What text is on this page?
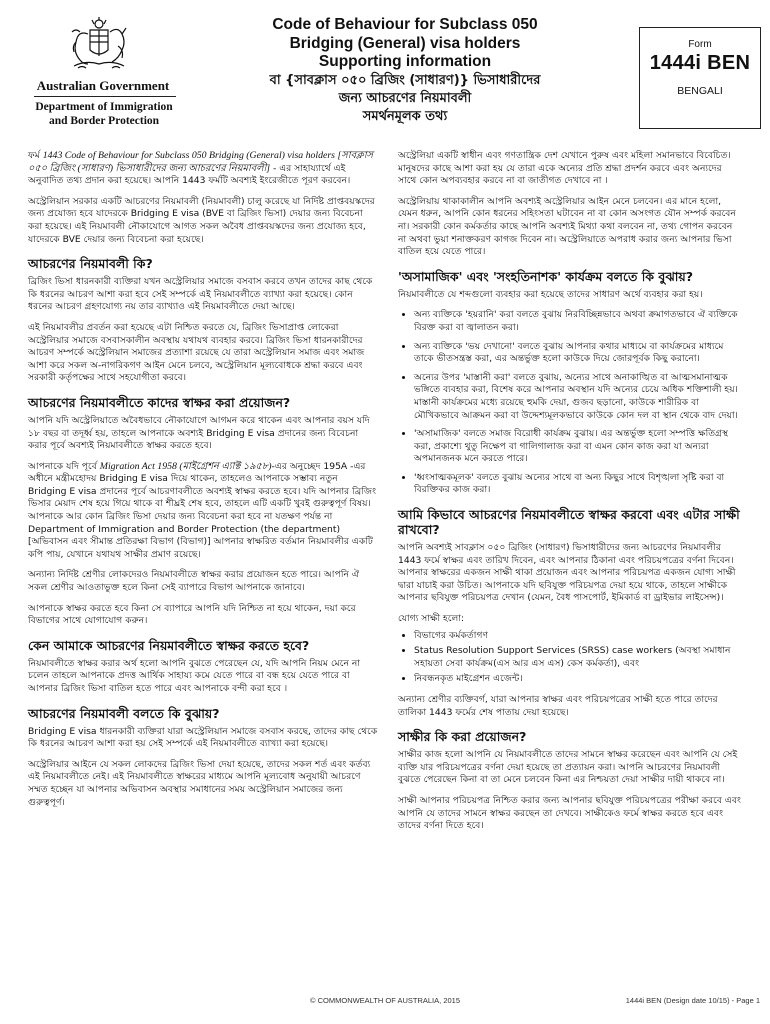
Australian Government
Department of Immigration
and Border Protection
Code of Behaviour for Subclass 050
Bridging (General) visa holders
Supporting information
বা {সাবক্লাস ০৫০ ব্রিজিং (সাধারণ)} ভিসাধারীদের
জন্য আচরণের নিয়মাবলী
সমর্থনমূলক তথ্য
Form
1444i BEN
BENGALI

ফর্ম 1443 Code of Behaviour for Subclass 050 Bridging (General) visa holders [সাবক্লাস ০৫০ ব্রিজিং (সাধারণ) ভিসাধারীদের জন্য আচরণের নিয়মাবলী] - এর সাহায্যার্থে এই অনুবাদিত তথ্য প্রদান করা হয়েছে। আপনি 1443 ফর্মটি অবশ্যই ইংরেজীতে পূরণ করবেন।

অস্ট্রেলিয়ান সরকার একটি আচরণের নিয়মাবলী (নিয়মাবলী) চালু করেছে যা নির্দিষ্ট প্রাপ্তবয়স্কদের জন্য প্রযোজ্য হবে যাদেরকে Bridging E visa (BVE বা ব্রিজিং ভিসা) দেয়ার জন্য বিবেচনা করা হয়েছে। এই নিয়মাবলী নৌকাযোগে আগত সকল অবৈধ প্রাপ্তবয়স্কদের জন্য প্রযোজ্য হবে, যাদেরকে BVE দেয়ার জন্য বিবেচনা করা হয়েছে।

আচরণের নিয়মাবলী কি?

ব্রিজিং ভিসা ধারনকারী ব্যক্তিরা যখন অস্ট্রেলিয়ার সমাজে বসবাস করবে তখন তাদের কাছ থেকে কি ধরনের আচরণ আশা করা হবে সেই সম্পর্কে এই নিয়মাবলীতে ব্যাখ্যা করা হয়েছে। কোন ধরনের আচরণ গ্রহণযোগ্য নয় তার ব্যাখ্যাও এই নিয়মাবলীতে দেয়া আছে।

এই নিয়মাবলীর প্রবর্তন করা হয়েছে এটা নিশ্চিত করতে যে, ব্রিজিং ভিসাপ্রাপ্ত লোকেরা অস্ট্রেলিয়ার সমাজে বসবাসকালীন অবস্থায় যথাযথ ব্যবহার করবে। ব্রিজিং ভিসা ধারনকারীদের আচরণ সম্পর্কে অস্ট্রেলিয়ান সমাজের প্রত্যাশা রয়েছে যে তারা অস্ট্রেলিয়ান সমাজ এবং সমাজ আশা করে সকল অ-নাগরিকগণ আইন মেনে চলবে, অস্ট্রেলিয়ান মূল্যবোধকে শ্রদ্ধা করবে এবং সরকারী কর্তৃপক্ষের সাথে সহযোগীতা করবে।

আচরণের নিয়মাবলীতে কাদের স্বাক্ষর করা প্রয়োজন?

আপনি যদি অস্ট্রেলিয়াতে অবৈধভাবে নৌকাযোগে আগমন করে থাকেন এবং আপনার বয়স যদি ১৮ বছর বা তদূর্ধ্ব হয়, তাহলে আপনাকে অবশ্যই Bridging E visa প্রদানের জন্য বিবেচনা করার পূর্বে অবশ্যই নিয়মাবলীতে স্বাক্ষর করতে হবে।

আপনাকে যদি পূর্বে Migration Act 1958 (মাইগ্রেশন এ্যাক্ট ১৯৫৮)-এর অনুচ্ছেদ 195A -এর অধীনে মন্ত্রীমহোদয় Bridging E visa দিয়ে থাকেন, তাহলেও আপনাকে সম্ভাব্য নতুন Bridging E visa প্রদানের পূর্বে আচরণাবলীতে অবশ্যই স্বাক্ষর করতে হবে। যদি আপনার ব্রিজিং ভিসার মেয়াদ শেষ হয়ে গিয়ে থাকে বা শীঘ্রই শেষ হবে, তাহলে এটি একটি খুবই গুরুত্বপূর্ণ বিষয়। আপনাকে আর কোন ব্রিজিং ভিসা দেয়ার জন্য বিবেচনা করা হবে না যতক্ষণ পর্যন্ত না Department of Immigration and Border Protection (the department) [অভিবাসন এবং সীমান্ত প্রতিরক্ষা বিভাগ (বিভাগ)] আপনার স্বাক্ষরিত বর্তমান নিয়মাবলীর একটি কপি পায়, যেখানে যথাযথ সাক্ষীর প্রমাণ রয়েছে।

অন্যান্য নির্দিষ্ট শ্রেণীর লোকদেরও নিয়মাবলীতে স্বাক্ষর করার প্রয়োজন হতে পারে। আপনি ঐ সকল শ্রেণীর আওতাভুক্ত হলে কিনা সেই ব্যাপারে বিভাগ আপনাকে জানাবে।

আপনাকে স্বাক্ষর করতে হবে কিনা সে ব্যাপারে আপনি যদি নিশ্চিত না হয়ে থাকেন, দয়া করে বিভাগের সাথে যোগাযোগ করুন।

কেন আমাকে আচরণের নিয়মাবলীতে স্বাক্ষর করতে হবে?

নিয়মাবলীতে স্বাক্ষর করার অর্থ হলো আপনি বুঝতে পেরেছেন যে, যদি আপনি নিয়ম মেনে না চলেন তাহলে আপনাকে প্রদত্ত আর্থিক সাহায্য কমে যেতে পারে বা বন্ধ হয়ে যেতে পারে বা আপনার ব্রিজিং ভিসা বাতিল হতে পারে এবং আপনাকে বন্দী করা হবে ।

আচরণের নিয়মাবলী বলতে কি বুঝায়?

Bridging E visa ধারনকারী ব্যক্তিরা যারা অস্ট্রেলিয়ান সমাজে বসবাস করছে, তাদের কাছ থেকে কি ধরনের আচরণ আশা করা হয় সেই সম্পর্কে এই নিয়মাবলীতে ব্যাখ্যা করা হয়েছে।

অস্ট্রেলিয়ার আইনে যে সকল লোকদের ব্রিজিং ভিসা দেয়া হয়েছে, তাদের সকল শর্ত এবং কর্তব্য এই নিয়মাবলীতে নেই। এই নিয়মাবলীতে স্বাক্ষরের মাধ্যমে আপনি মূল্যবোধ অনুযায়ী আচরণে সম্মত হচ্ছেন যা আপনার অভিবাসন অবস্থার সমাধানের সময় অস্ট্রেলিয়ান সমাজের জন্য গুরুত্বপূর্ণ।

অস্ট্রেলিয়া একটি স্বাধীন এবং গণতান্ত্রিক দেশ যেখানে পুরুষ এবং মহিলা সমানভাবে বিবেচিত। মানুষদের কাছে আশা করা হয় যে তারা একে অন্যের প্রতি শ্রদ্ধা প্রদর্শন করবে এবং অন্যদের সাথে কোন অপব্যবহার করবে না বা জাতীগত দেখাবে না ।

অস্ট্রেলিয়ায় থাকাকালীন আপনি অবশ্যই অস্ট্রেলিয়ার আইন মেনে চলবেন। এর মানে হলো, যেমন ধরুন, আপনি কোন ধরনের সহিংসতা ঘটাবেন না বা কোন অসংগত যৌন সম্পর্ক করবেন না। সরকারী কোন কর্মকর্তার কাছে আপনি অবশ্যই মিথ্যা কথা বলবেন না, তথ্য গোপন করবেন না অথবা ভুয়া শনাক্তকরণ কাগজ দিবেন না। অস্ট্রেলিয়াতে অপরাধ করার জন্য আপনার ভিসা বাতিল হয়ে যেতে পারে।

'অসামাজিক' এবং 'সংহতিনাশক' কার্যক্রম বলতে কি বুঝায়?

নিয়মাবলীতে যে শব্দগুলো ব্যবহার করা হয়েছে তাদের সাধারণ অর্থে ব্যবহার করা হয়।

• অন্য ব্যক্তিকে 'হয়রানি' করা বলতে বুঝায় নিরবিচ্ছিন্নভাবে অথবা ক্রমাগতভাবে ঐ ব্যক্তিকে বিরক্ত করা বা জ্বালাতন করা।
• অন্য ব্যক্তিকে 'ভয় দেখানো' বলতে বুঝায় আপনার কথার মাধ্যমে বা কার্যক্রমের মাধ্যমে তাকে ভীতসন্ত্রস্ত করা, এর অন্তর্ভুক্ত হলো কাউকে দিয়ে জোরপূর্বক কিছু করানো।
• অন্যের উপর 'মাস্তানী করা' বলতে বুঝায়, অন্যের সাথে অনাকাঙ্খিত বা আত্মসমানাত্মক ভঙ্গিতে ব্যবহার করা, বিশেষ করে আপনার অবস্থান যদি অন্যের চেয়ে অধিক শক্তিশালী হয়। মাস্তানী কার্যক্রমের মধ্যে রয়েছে হুমকি দেয়া, গুজব ছড়ানো, কাউকে শারীরিক বা মৌখিকভাবে আক্রমন করা বা উদ্দেশ্যমূলকভাবে কাউকে কোন দল বা স্থান থেকে বাদ দেয়া।
• 'অসামাজিক' বলতে সমাজ বিরোধী কার্যক্রম বুঝায়। এর অন্তর্ভুক্ত হলো সম্পত্তি ক্ষতিগ্রস্থ করা, প্রকাশ্যে থুতু নিক্ষেপ বা গালিগালাজ করা বা এমন কোন কাজ করা যা অন্যরা অপমানজনক মনে করতে পারে।
• 'ধ্বংসাত্মকমূলক' বলতে বুঝায় অন্যের সাথে বা অন্য কিছুর সাথে বিশৃঙ্খলা সৃষ্টি করা বা বিরক্তিকর কাজ করা।
আমি কিভাবে আচরণের নিয়মাবলীতে স্বাক্ষর করবো এবং এটার সাক্ষী রাখবো?

আপনি অবশ্যই সাবক্লাস ০৫০ ব্রিজিং (সাধারণ) ভিসাধারীদের জন্য আচরণের নিয়মাবলীর 1443 ফর্মে স্বাক্ষর এবং তারিখ দিবেন, এবং আপনার ঠিকানা এবং পরিচয়পত্রের বর্ণনা দিবেন। আপনার স্বাক্ষরের একজন সাক্ষী থাকা প্রয়োজন এবং আপনার পরিচয়পত্র একজন যোগ্য সাক্ষী দ্বারা যাচাই করা উচিত। আপনাকে যদি ছবিযুক্ত পরিচয়পত্র দেয়া হয়ে থাকে, তাহলে সাক্ষীকে আপনার ছবিযুক্ত পরিচয়পত্র দেখান (যেমন, বৈধ পাসপোর্ট, ইমিকার্ড বা ড্রাইভার লাইসেন্স)।

যোগ্য সাক্ষী হলো:

• বিভাগের কর্মকর্তাগণ
• Status Resolution Support Services (SRSS) case workers (অবস্থা সমাধান সহায়তা সেবা কার্যক্রম(এস আর এস এস) কেস কর্মকর্তা), এবং
• নিবন্ধনকৃত মাইগ্রেশন এজেন্ট।

অন্যান্য শ্রেণীর ব্যক্তিবর্গ, যারা আপনার স্বাক্ষর এবং পরিচয়পত্রের সাক্ষী হতে পারে তাদের তালিকা 1443 ফর্মের শেষ পাতায় দেয়া হয়েছে।

সাক্ষীর কি করা প্রয়োজন?

সাক্ষীর কাজ হলো আপনি যে নিয়মাবলীতে তাদের সামনে স্বাক্ষর করেছেন এবং আপনি যে সেই ব্যক্তি যার পরিচয়পত্রের বর্ণনা দেয়া হয়েছে তা প্রত্যায়ন করা। আপনি আচরণের নিয়মাবলী বুঝতে পেরেছেন কিনা বা তা মেনে চলবেন কিনা এর নিশ্চয়তা দেয়া সাক্ষীর দায়ী থাকবে না।

সাক্ষী আপনার পরিচয়পত্র নিশ্চিত করার জন্য আপনার ছবিযুক্ত পরিচয়পত্রের পরীক্ষা করবে এবং আপনি যে তাদের সামনে স্বাক্ষর করছেন তা দেখবে। সাক্ষীকেও ফর্মে স্বাক্ষর করতে হবে এবং তাদের বর্ণনা দিতে হবে।

© COMMONWEALTH OF AUSTRALIA, 2015	1444i BEN (Design date 10/15) - Page 1
